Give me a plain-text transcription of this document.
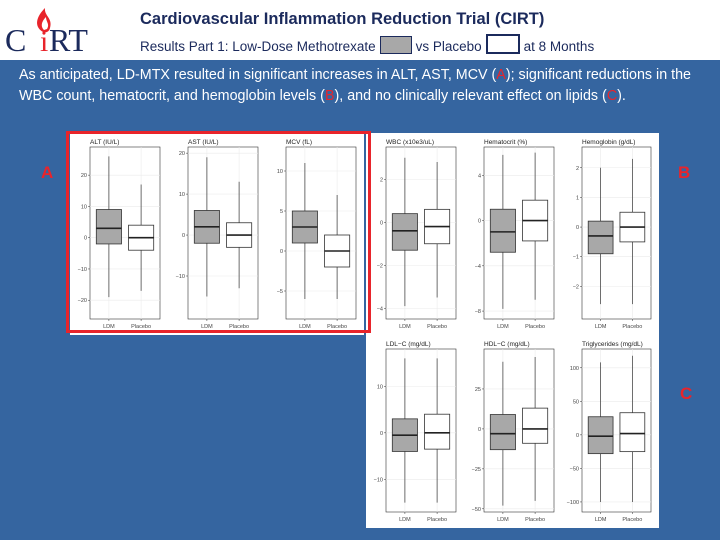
C i RT
Cardiovascular Inflammation Reduction Trial (CIRT)
Results Part 1: Low-Dose Methotrexate	vs Placebo	at 8 Months
As anticipated, LD-MTX resulted in significant increases in ALT, AST, MCV (A); significant reductions in the WBC count, hematocrit, and hemoglobin levels (B), and no clinically relevant effect on lipids (C).
ALT (IU/L)
−20
−10
0
10
20
LDM	Placebo
AST (IU/L)
−10
0
10
20
LDM	Placebo
MCV (fL)
−5
0
5
10
LDM	Placebo
WBC (x10e3/uL)
−4
−2
0
2
LDM	Placebo
Hematocrit (%)
−8
−4
0
4
LDM	Placebo
Hemoglobin (g/dL)
−2
−1
0
1
2
LDM	Placebo
LDL−C (mg/dL)
−10
0
10
LDM	Placebo
HDL−C (mg/dL)
−50
−25
0
25
LDM	Placebo
Triglycerides (mg/dL)
−100
−50
0
50
100
LDM	Placebo
A	B
C
